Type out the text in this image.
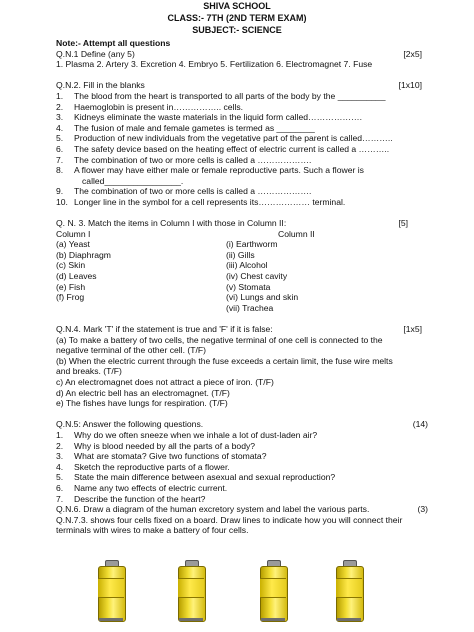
SHIVA SCHOOL
CLASS:- 7TH (2ND TERM EXAM)
SUBJECT:- SCIENCE
Note:- Attempt all questions
Q.N.1 Define (any 5)	[2x5]
1. Plasma 2. Artery 3. Excretion 4. Embryo 5. Fertilization 6. Electromagnet 7. Fuse
Q.N.2. Fill in the blanks	[1x10]
1. The blood from the heart is transported to all parts of the body by the __________
2. Haemoglobin is present in…………….. cells.
3. Kidneys eliminate the waste materials in the liquid form called……………….
4. The fusion of male and female gametes is termed as ________
5. Production of new individuals from the vegetative part of the parent is called………..
6. The safety device based on the heating effect of electric current is called a ………..
7. The combination of two or more cells is called a ……………….
8. A flower may have either male or female reproductive parts. Such a flower is
called________________.
9. The combination of two or more cells is called a ……………….
10. Longer line in the symbol for a cell represents its……………… terminal.
Q. N. 3. Match the items in Column I with those in Column II:	[5]
Column I	Column II
(a) Yeast	(i) Earthworm
(b) Diaphragm	(ii) Gills
(c) Skin	(iii) Alcohol
(d) Leaves	(iv) Chest cavity
(e) Fish	(v) Stomata
(f) Frog	(vi) Lungs and skin
(vii) Trachea
Q.N.4. Mark 'T' if the statement is true and 'F' if it is false:	[1x5]
(a) To make a battery of two cells, the negative terminal of one cell is connected to the
negative terminal of the other cell. (T/F)
(b) When the electric current through the fuse exceeds a certain limit, the fuse wire melts
and breaks. (T/F)
c) An electromagnet does not attract a piece of iron. (T/F)
d) An electric bell has an electromagnet. (T/F)
e) The fishes have lungs for respiration. (T/F)
Q.N.5: Answer the following questions.	(14)
1. Why do we often sneeze when we inhale a lot of dust-laden air?
2. Why is blood needed by all the parts of a body?
3. What are stomata? Give two functions of stomata?
4. Sketch the reproductive parts of a flower.
5. State the main difference between asexual and sexual reproduction?
6. Name any two effects of electric current.
7. Describe the function of the heart?
Q.N.6. Draw a diagram of the human excretory system and label the various parts.	(3)
Q.N.7.3. shows four cells fixed on a board. Draw lines to indicate how you will connect their
terminals with wires to make a battery of four cells.
